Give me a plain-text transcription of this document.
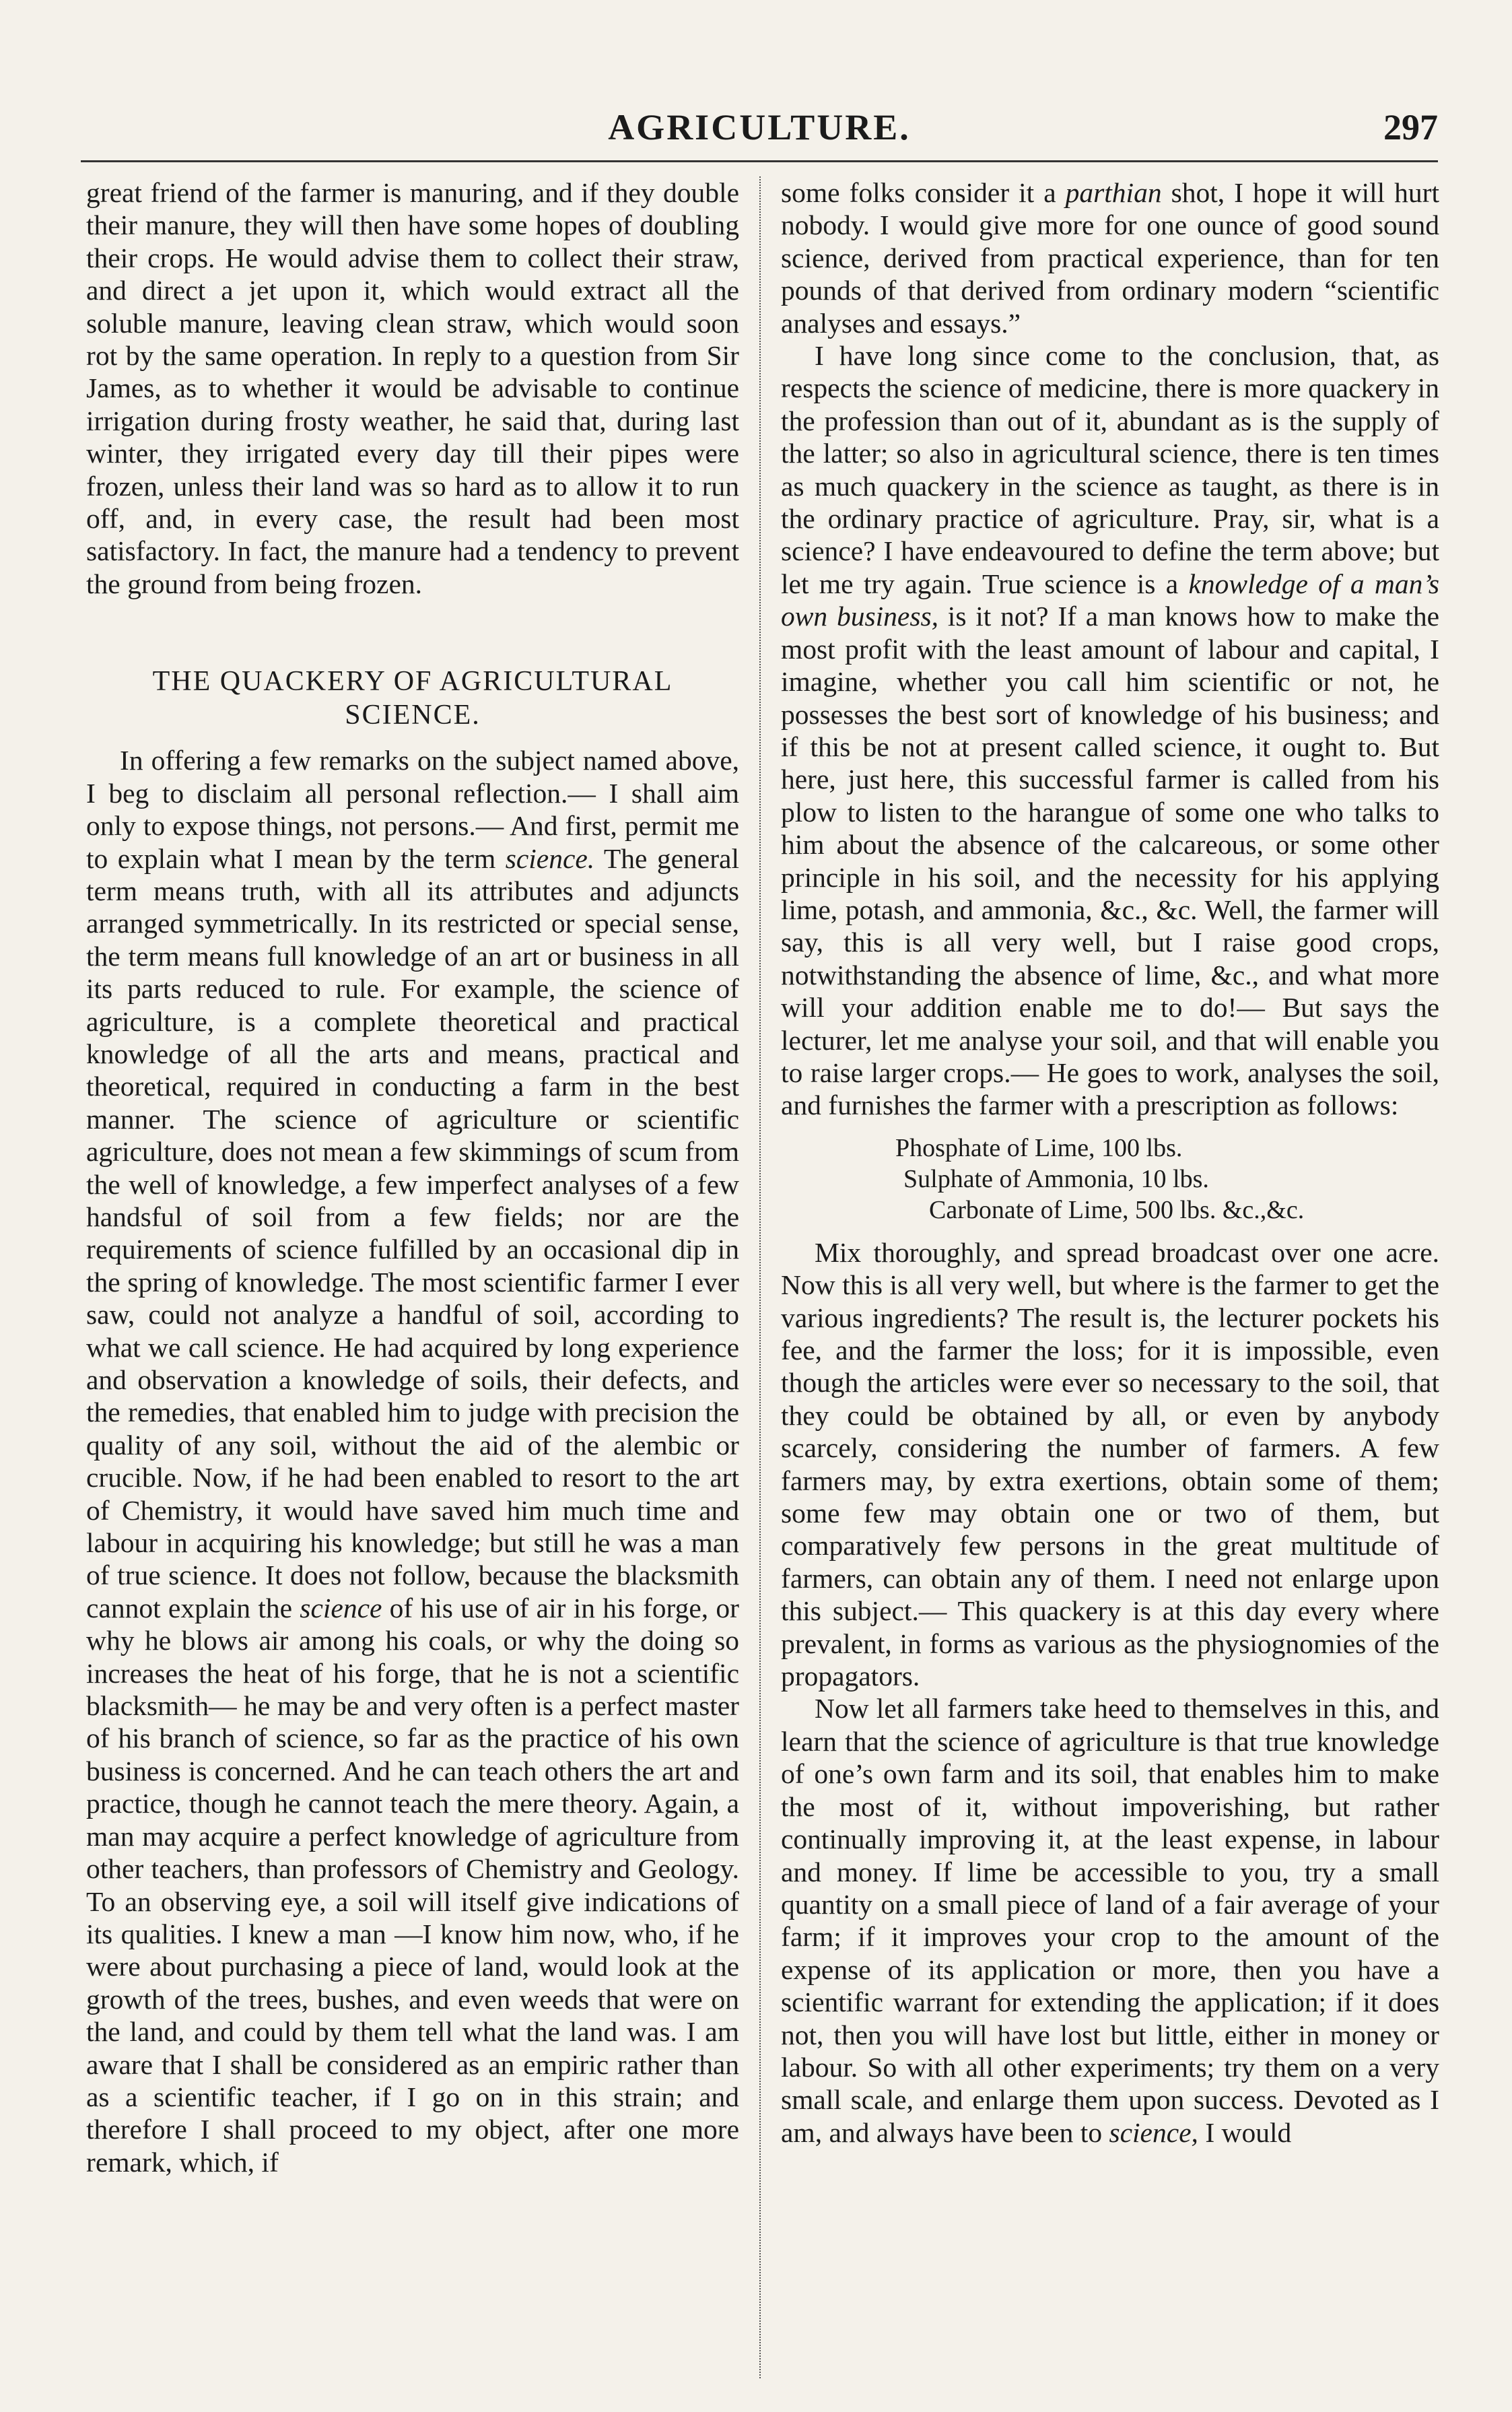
AGRICULTURE.	297

great friend of the farmer is manuring, and if they double their manure, they will then have some hopes of doubling their crops. He would advise them to collect their straw, and direct a jet upon it, which would extract all the soluble manure, leaving clean straw, which would soon rot by the same operation. In reply to a question from Sir James, as to whether it would be advisable to continue irrigation during frosty weather, he said that, during last winter, they irrigated every day till their pipes were frozen, unless their land was so hard as to allow it to run off, and, in every case, the result had been most satisfactory. In fact, the manure had a tendency to prevent the ground from being frozen.

THE QUACKERY OF AGRICULTURAL
SCIENCE.

In offering a few remarks on the subject named above, I beg to disclaim all personal reflection.— I shall aim only to expose things, not persons.— And first, permit me to explain what I mean by the term science. The general term means truth, with all its attributes and adjuncts arranged symmetrically. In its restricted or special sense, the term means full knowledge of an art or business in all its parts reduced to rule. For example, the science of agriculture, is a complete theoretical and practical knowledge of all the arts and means, practical and theoretical, required in conducting a farm in the best manner. The science of agriculture or scientific agriculture, does not mean a few skimmings of scum from the well of knowledge, a few imperfect analyses of a few handsful of soil from a few fields; nor are the requirements of science fulfilled by an occasional dip in the spring of knowledge. The most scientific farmer I ever saw, could not analyze a handful of soil, according to what we call science. He had acquired by long experience and observation a knowledge of soils, their defects, and the remedies, that enabled him to judge with precision the quality of any soil, without the aid of the alembic or crucible. Now, if he had been enabled to resort to the art of Chemistry, it would have saved him much time and labour in acquiring his knowledge; but still he was a man of true science. It does not follow, because the blacksmith cannot explain the science of his use of air in his forge, or why he blows air among his coals, or why the doing so increases the heat of his forge, that he is not a scientific blacksmith— he may be and very often is a perfect master of his branch of science, so far as the practice of his own business is concerned. And he can teach others the art and practice, though he cannot teach the mere theory. Again, a man may acquire a perfect knowledge of agriculture from other teachers, than professors of Chemistry and Geology. To an observing eye, a soil will itself give indications of its qualities. I knew a man —I know him now, who, if he were about purchasing a piece of land, would look at the growth of the trees, bushes, and even weeds that were on the land, and could by them tell what the land was. I am aware that I shall be considered as an empiric rather than as a scientific teacher, if I go on in this strain; and therefore I shall proceed to my object, after one more remark, which, if

some folks consider it a parthian shot, I hope it will hurt nobody. I would give more for one ounce of good sound science, derived from practical experience, than for ten pounds of that derived from ordinary modern “scientific analyses and essays.”

I have long since come to the conclusion, that, as respects the science of medicine, there is more quackery in the profession than out of it, abundant as is the supply of the latter; so also in agricultural science, there is ten times as much quackery in the science as taught, as there is in the ordinary practice of agriculture. Pray, sir, what is a science? I have endeavoured to define the term above; but let me try again. True science is a knowledge of a man’s own business, is it not? If a man knows how to make the most profit with the least amount of labour and capital, I imagine, whether you call him scientific or not, he possesses the best sort of knowledge of his business; and if this be not at present called science, it ought to. But here, just here, this successful farmer is called from his plow to listen to the harangue of some one who talks to him about the absence of the calcareous, or some other principle in his soil, and the necessity for his applying lime, potash, and ammonia, &c., &c. Well, the farmer will say, this is all very well, but I raise good crops, notwithstanding the absence of lime, &c., and what more will your addition enable me to do!— But says the lecturer, let me analyse your soil, and that will enable you to raise larger crops.— He goes to work, analyses the soil, and furnishes the farmer with a prescription as follows:

Phosphate of Lime, 100 lbs.
Sulphate of Ammonia, 10 lbs.
Carbonate of Lime, 500 lbs. &c.,&c.

Mix thoroughly, and spread broadcast over one acre. Now this is all very well, but where is the farmer to get the various ingredients? The result is, the lecturer pockets his fee, and the farmer the loss; for it is impossible, even though the articles were ever so necessary to the soil, that they could be obtained by all, or even by anybody scarcely, considering the number of farmers. A few farmers may, by extra exertions, obtain some of them; some few may obtain one or two of them, but comparatively few persons in the great multitude of farmers, can obtain any of them. I need not enlarge upon this subject.— This quackery is at this day every where prevalent, in forms as various as the physiognomies of the propagators.

Now let all farmers take heed to themselves in this, and learn that the science of agriculture is that true knowledge of one’s own farm and its soil, that enables him to make the most of it, without impoverishing, but rather continually improving it, at the least expense, in labour and money. If lime be accessible to you, try a small quantity on a small piece of land of a fair average of your farm; if it improves your crop to the amount of the expense of its application or more, then you have a scientific warrant for extending the application; if it does not, then you will have lost but little, either in money or labour. So with all other experiments; try them on a very small scale, and enlarge them upon success. Devoted as I am, and always have been to science, I would
